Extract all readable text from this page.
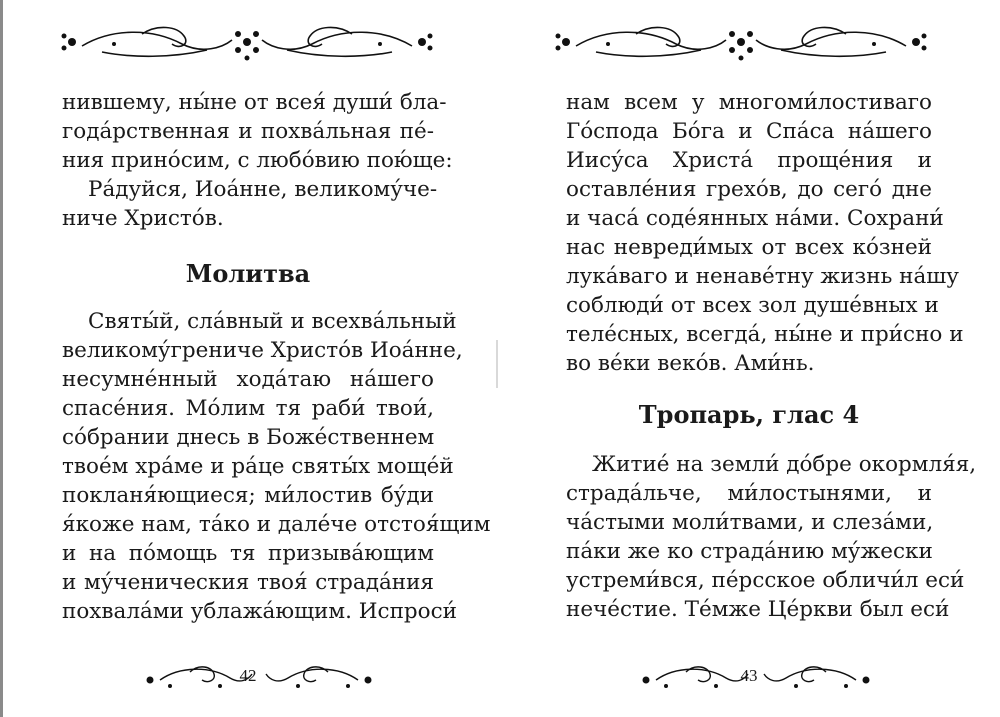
нившему, ны́не от всея́ души́ бла-
года́рственная и похва́льная пе́-
ния прино́сим, с любо́вию пою́ще:
Ра́дуйся, Иоа́нне, великому́че-
ниче Христо́в.
Молитва
Святы́й, сла́вный и всехва́льный
великому́грениче Христо́в Иоа́нне,
несумне́нный хода́таю на́шего
спасе́ния. Мо́лим тя раби́ твои́,
со́брании днесь в Боже́ственнем
твое́м хра́ме и ра́це святы́х моще́й
покланя́ющиеся; ми́лостив бу́ди
я́коже нам, та́ко и дале́че отстоя́щим
и на по́мощь тя призыва́ющим
и му́ченическия твоя́ страда́ния
похвала́ми ублажа́ющим. Испроси́
42
нам всем у многоми́лостиваго
Го́спода Бо́га и Спа́са на́шего
Иису́са Христа́ проще́ния и
оставле́ния грехо́в, до сего́ дне
и часа́ соде́янных на́ми. Сохрани́
нас невреди́мых от всех ко́зней
лука́ваго и ненаве́тну жизнь на́шу
соблюди́ от всех зол душе́вных и
теле́сных, всегда́, ны́не и при́сно и
во ве́ки веко́в. Ами́нь.
Тропарь, глас 4
Житие́ на земли́ до́бре окормля́я,
страда́льче, ми́лостынями, и
ча́стыми моли́твами, и слеза́ми,
па́ки же ко страда́нию му́жески
устреми́вся, пе́рсское обличи́л еси́
нече́стие. Те́мже Це́ркви был еси́
43
